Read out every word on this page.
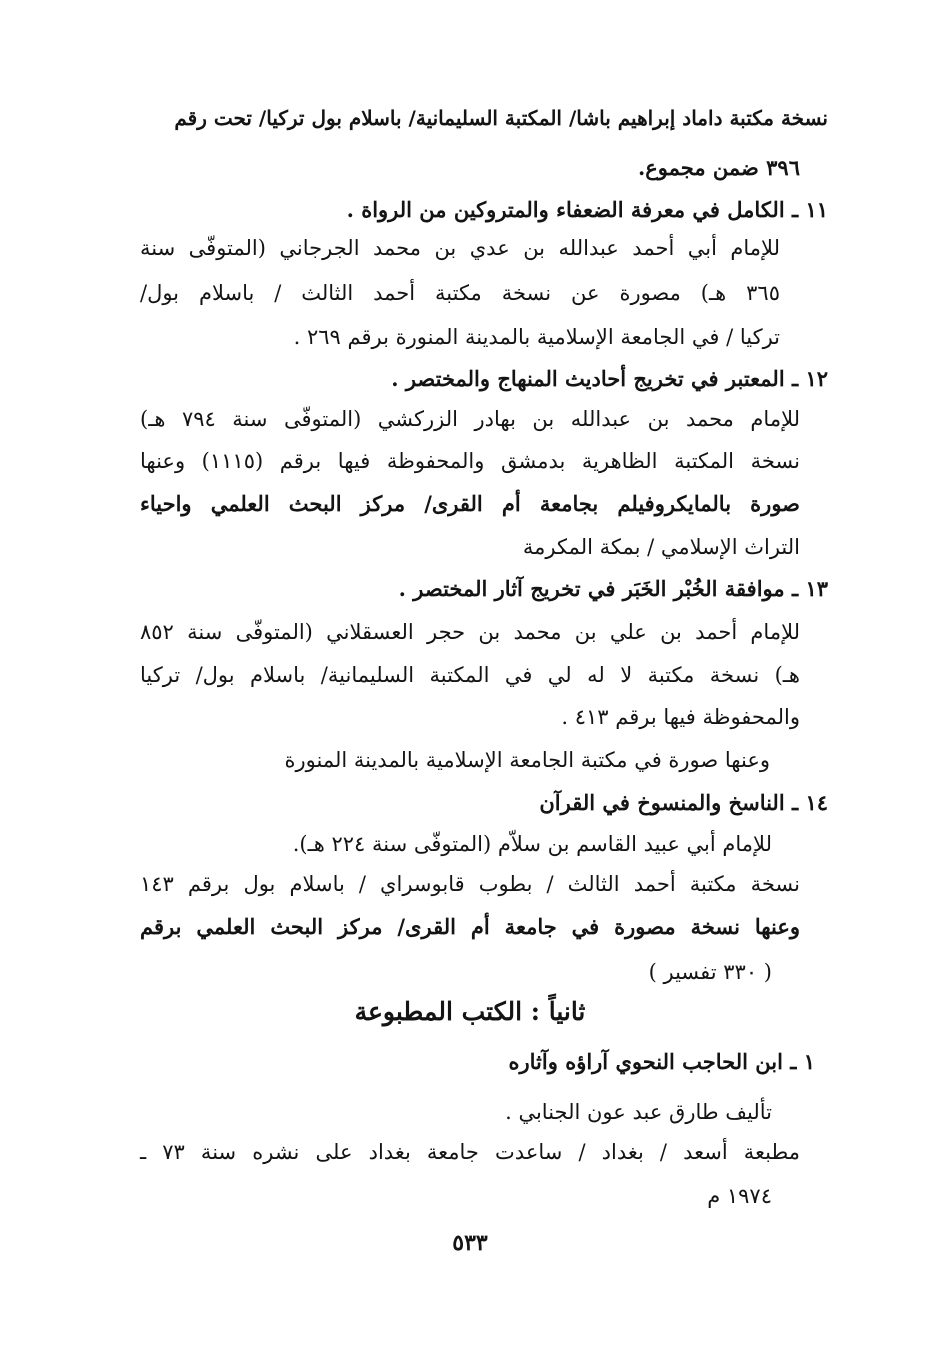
نسخة مكتبة داماد إبراهيم باشا/ المكتبة السليمانية/ باسلام بول تركيا/ تحت رقم
٣٩٦ ضمن مجموع.
١١ ـ الكامل في معرفة الضعفاء والمتروكين من الرواة .
للإمام أبي أحمد عبدالله بن عدي بن محمد الجرجاني (المتوفّى سنة
٣٦٥ هـ) مصورة عن نسخة مكتبة أحمد الثالث / باسلام بول/
تركيا / في الجامعة الإسلامية بالمدينة المنورة برقم ٢٦٩ .
١٢ ـ المعتبر في تخريج أحاديث المنهاج والمختصر .
للإمام محمد بن عبدالله بن بهادر الزركشي (المتوفّى سنة ٧٩٤ هـ)
نسخة المكتبة الظاهرية بدمشق والمحفوظة فيها برقم (١١١٥) وعنها
صورة بالمايكروفيلم بجامعة أم القرى/ مركز البحث العلمي واحياء
التراث الإسلامي / بمكة المكرمة
١٣ ـ موافقة الخُبْر الخَبَر في تخريج آثار المختصر .
للإمام أحمد بن علي بن محمد بن حجر العسقلاني (المتوفّى سنة ٨٥٢
هـ) نسخة مكتبة لا له لي في المكتبة السليمانية/ باسلام بول/ تركيا
والمحفوظة فيها برقم ٤١٣ .
وعنها صورة في مكتبة الجامعة الإسلامية بالمدينة المنورة
١٤ ـ الناسخ والمنسوخ في القرآن
للإمام أبي عبيد القاسم بن سلاّم (المتوفّى سنة ٢٢٤ هـ).
نسخة مكتبة أحمد الثالث / بطوب قابوسراي / باسلام بول برقم ١٤٣
وعنها نسخة مصورة في جامعة أم القرى/ مركز البحث العلمي برقم
( ٣٣٠ تفسير )
ثانياً : الكتب المطبوعة
١ ـ ابن الحاجب النحوي آراؤه وآثاره
تأليف طارق عبد عون الجنابي .
مطبعة أسعد / بغداد / ساعدت جامعة بغداد على نشره سنة ٧٣ ـ
١٩٧٤ م
٥٣٣
